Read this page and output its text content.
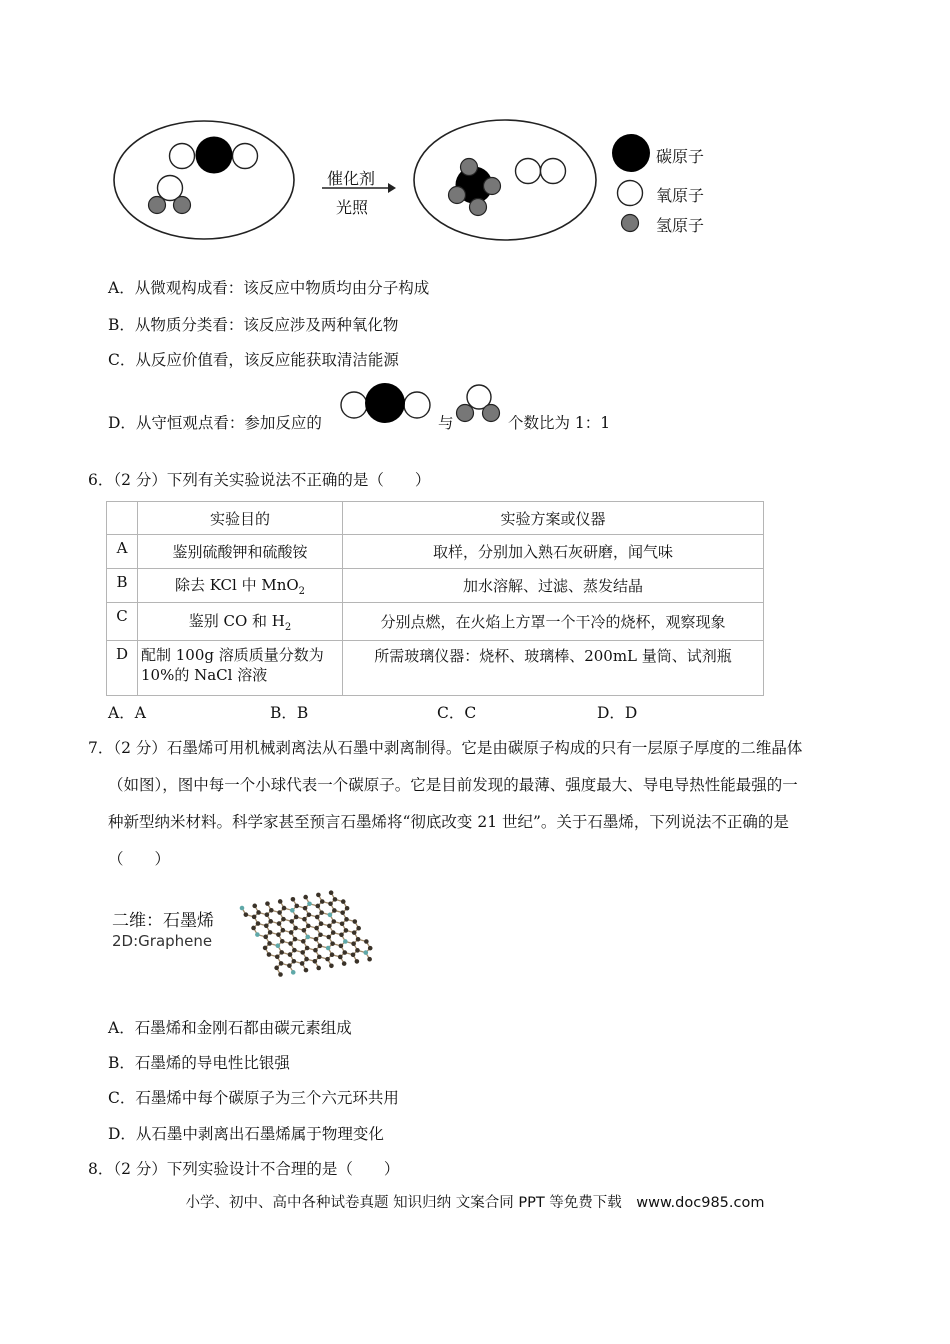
催化剂
光照
碳原子
氧原子
氢原子
A．从微观构成看：该反应中物质均由分子构成
B．从物质分类看：该反应涉及两种氧化物
C．从反应价值看，该反应能获取清洁能源
D．从守恒观点看：参加反应的	与	个数比为 1：1
6．（2 分）下列有关实验说法不正确的是（　　）
	实验目的	实验方案或仪器
A	鉴别硫酸钾和硫酸铵	取样，分别加入熟石灰研磨，闻气味
B	除去 KCl 中 MnO$_2$	加水溶解、过滤、蒸发结晶
C	鉴别 CO 和 $H_2$	分别点燃，在火焰上方罩一个干冷的烧杯，观察现象
D	配制 100g 溶质质量分数为10%的 NaCl 溶液	所需玻璃仪器：烧杯、玻璃棒、200mL 量筒、试剂瓶
A．A	B．B	C．C	D．D
7．（2 分）石墨烯可用机械剥离法从石墨中剥离制得。它是由碳原子构成的只有一层原子厚度的二维晶体
（如图），图中每一个小球代表一个碳原子。它是目前发现的最薄、强度最大、导电导热性能最强的一
种新型纳米材料。科学家甚至预言石墨烯将“彻底改变 21 世纪”。关于石墨烯，下列说法不正确的是
（　　）
二维：石墨烯
2D:Graphene
A．石墨烯和金刚石都由碳元素组成
B．石墨烯的导电性比银强
C．石墨烯中每个碳原子为三个六元环共用
D．从石墨中剥离出石墨烯属于物理变化
8．（2 分）下列实验设计不合理的是（　　）
小学、初中、高中各种试卷真题 知识归纳 文案合同 PPT 等免费下载　www.doc985.com
